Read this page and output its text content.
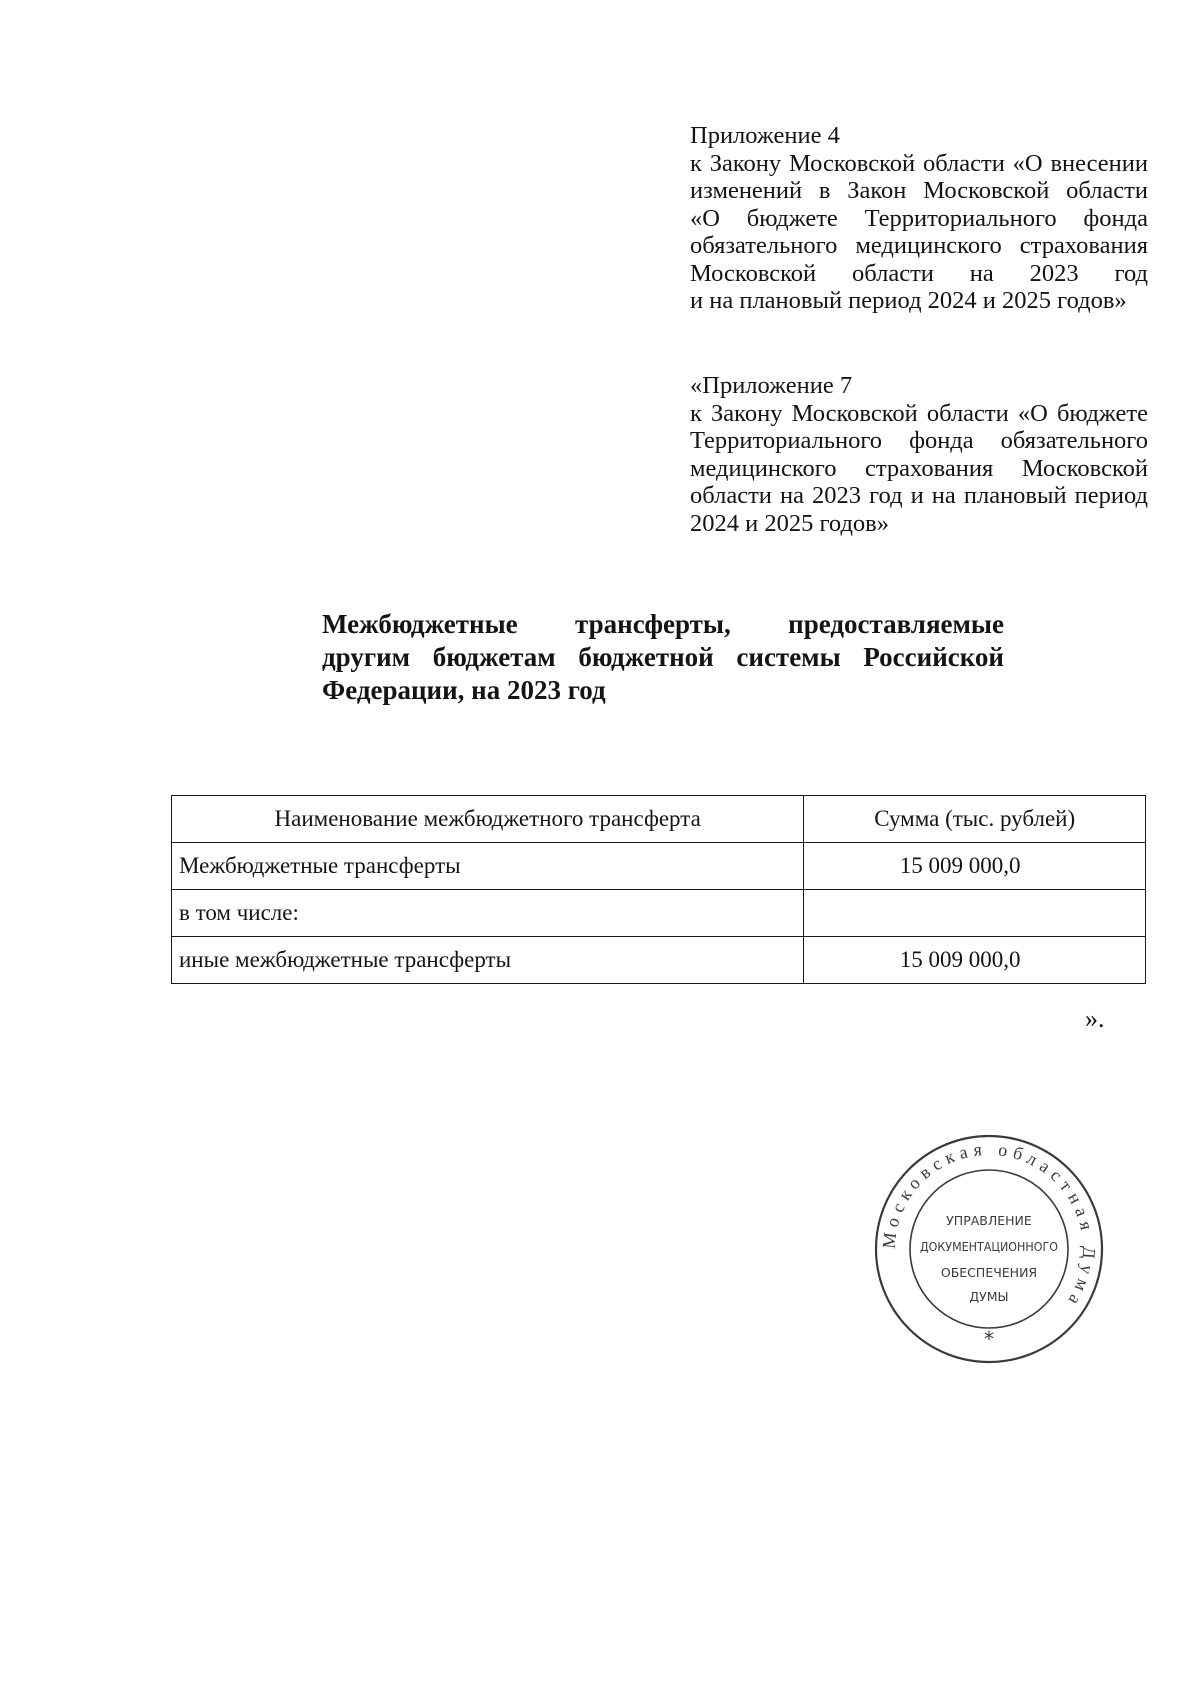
Приложение 4
к Закону Московской области «О внесении
изменений в Закон Московской области
«О бюджете Территориального фонда
обязательного медицинского страхования
Московской области на 2023 год
и на плановый период 2024 и 2025 годов»
«Приложение 7
к Закону Московской области «О бюджете
Территориального фонда обязательного
медицинского страхования Московской
области на 2023 год и на плановый период
2024 и 2025 годов»
Межбюджетные трансферты, предоставляемые
другим бюджетам бюджетной системы Российской
Федерации, на 2023 год
Наименование межбюджетного трансферта	Сумма (тыс. рублей)
Межбюджетные трансферты	15 009 000,0
в том числе:	
иные межбюджетные трансферты	15 009 000,0
».
Московская областная Дума
УПРАВЛЕНИЕ
ДОКУМЕНТАЦИОННОГО
ОБЕСПЕЧЕНИЯ
ДУМЫ
*
